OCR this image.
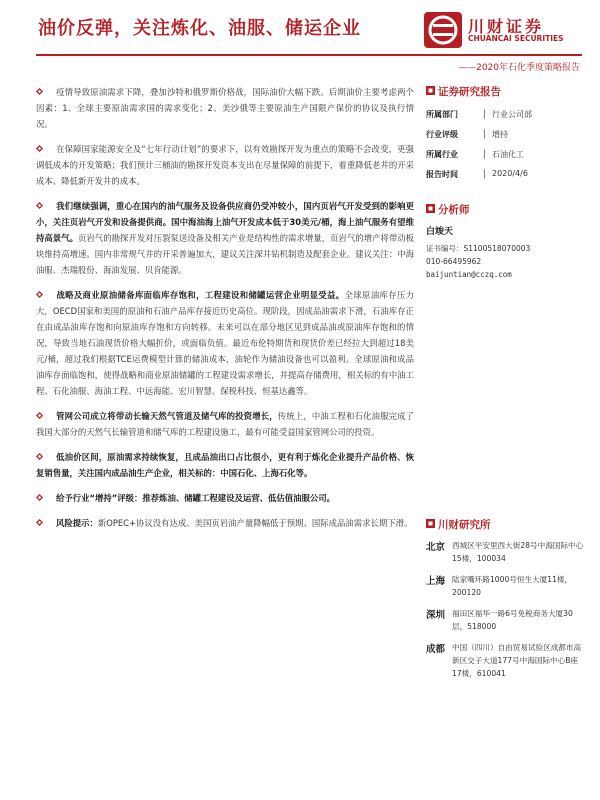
油价反弹，关注炼化、油服、储运企业	川财证券
CHUANCAI SECURITIES
——2020年石化季度策略报告
疫情导致原油需求下降，叠加沙特和俄罗斯价格战，国际油价大幅下跌。后期油价主要考虑两个因素：1、全球主要原油需求国的需求变化；2、美沙俄等主要原油生产国限产保价的协议及执行情况。
在保障国家能源安全及“七年行动计划”的要求下，以有效勘探开发为重点的策略不会改变，更强调低成本的开发策略；我们预计三桶油的勘探开发资本支出在尽量保障的前提下，着重降低老井的开采成本、降低新开发井的成本。
我们继续强调，重心在国内的油气服务及设备供应商仍受冲较小，国内页岩气开发受到的影响更小，关注页岩气开发和设备提供商。国中海油海上油气开发成本低于30美元/桶，海上油气服务有望维持高景气。页岩气的勘探开发对压裂泵送设备及相关产业是结构性的需求增量，页岩气的增产将带动板块维持高增速。国内非常规气井的开采普遍加大，建议关注深井钻机制造及配套企业。建议关注：中海油服、杰瑞股份、海油发展、贝肯能源。
战略及商业原油储备库面临库存饱和，工程建设和储罐运营企业明显受益。全球原油库存压力大，OECD国家和美国的原油和石油产品库存接近历史高位。现阶段，因成品油需求下滑，石油库存正在由成品油库存饱和向原油库存饱和方向转移。未来可以在部分地区见到成品油或原油库存饱和的情况，导致当地石油现货价格大幅折价，或面临负值。最近布伦特期货和现货价差已经拉大到超过18美元/桶，超过我们根据TCE运费模型计算的储油成本，油轮作为储油设备也可以盈利。全球原油和成品油库存面临饱和，使得战略和商业原油储罐的工程建设需求增长，并提高存储费用，相关标的有中油工程、石化油服、海油工程、中远海能、宏川智慧、保税科技、恒基达鑫等。
管网公司成立将带动长输天然气管道及储气库的投资增长，传统上，中油工程和石化油服完成了我国大部分的天然气长输管道和储气库的工程建设施工，最有可能受益国家管网公司的投资。
低油价区间，原油需求持续恢复，且成品油出口占比很小，更有利于炼化企业提升产品价格、恢复销售量，关注国内成品油生产企业，相关标的：中国石化、上海石化等。
给予行业“增持”评级：推荐炼油、储罐工程建设及运营、低估值油服公司。
风险提示：新OPEC+协议没有达成、美国页岩油产量降幅低于预期、国际成品油需求长期下滑。
证券研究报告
所属部门	行业公司部
行业评级	增持
所属行业	石油化工
报告时间	2020/4/6
分析师
白竣天
证书编号：S1100518070003
010-66495962
baijuntian@cczq.com
川财研究所
北京 西城区平安里西大街28号中海国际中心15楼，100034
上海 陆家嘴环路1000号恒生大厦11楼，200120
深圳 福田区福华一路6号免税商务大厦30层，518000
成都 中国（四川）自由贸易试验区成都市高新区交子大道177号中海国际中心B座17楼，610041
